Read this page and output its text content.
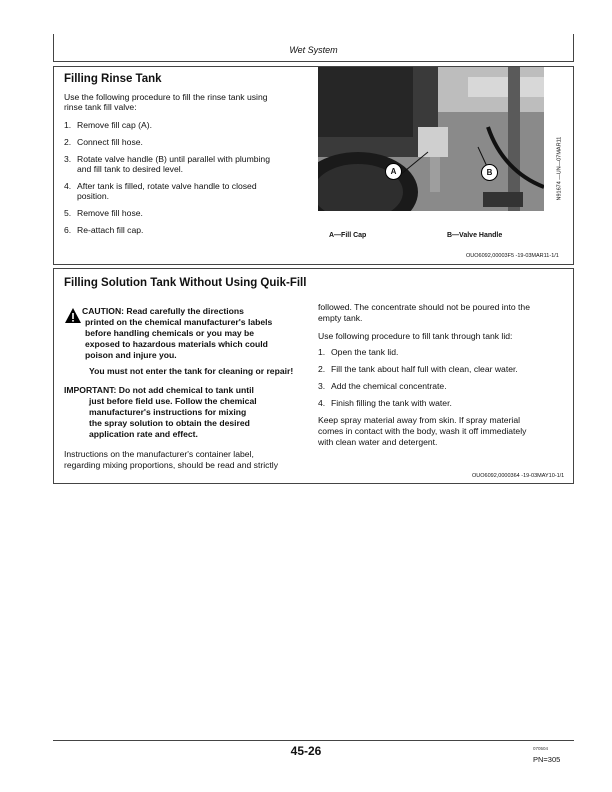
Wet System
Filling Rinse Tank
Use the following procedure to fill the rinse tank using
rinse tank fill valve:
1. Remove fill cap (A).
2. Connect fill hose.
3. Rotate valve handle (B) until parallel with plumbing
and fill tank to desired level.
4. After tank is filled, rotate valve handle to closed
position.
5. Remove fill hose.
6. Re-attach fill cap.
A	B	N91674 —UN—07MAR11
A—Fill Cap	B—Valve Handle
OUO6092,00003F5 -19-03MAR11-1/1
Filling Solution Tank Without Using Quik-Fill
CAUTION: Read carefully the directions
printed on the chemical manufacturer's labels
before handling chemicals or you may be
exposed to hazardous materials which could
poison and injure you.
You must not enter the tank for cleaning or repair!
IMPORTANT: Do not add chemical to tank until
just before field use. Follow the chemical
manufacturer's instructions for mixing
the spray solution to obtain the desired
application rate and effect.
Instructions on the manufacturer's container label,
regarding mixing proportions, should be read and strictly
followed. The concentrate should not be poured into the
empty tank.
Use following procedure to fill tank through tank lid:
1. Open the tank lid.
2. Fill the tank about half full with clean, clear water.
3. Add the chemical concentrate.
4. Finish filling the tank with water.
Keep spray material away from skin. If spray material
comes in contact with the body, wash it off immediately
with clean water and detergent.
OUO6092,0000364 -19-03MAY10-1/1
45-26	070504
PN=305
